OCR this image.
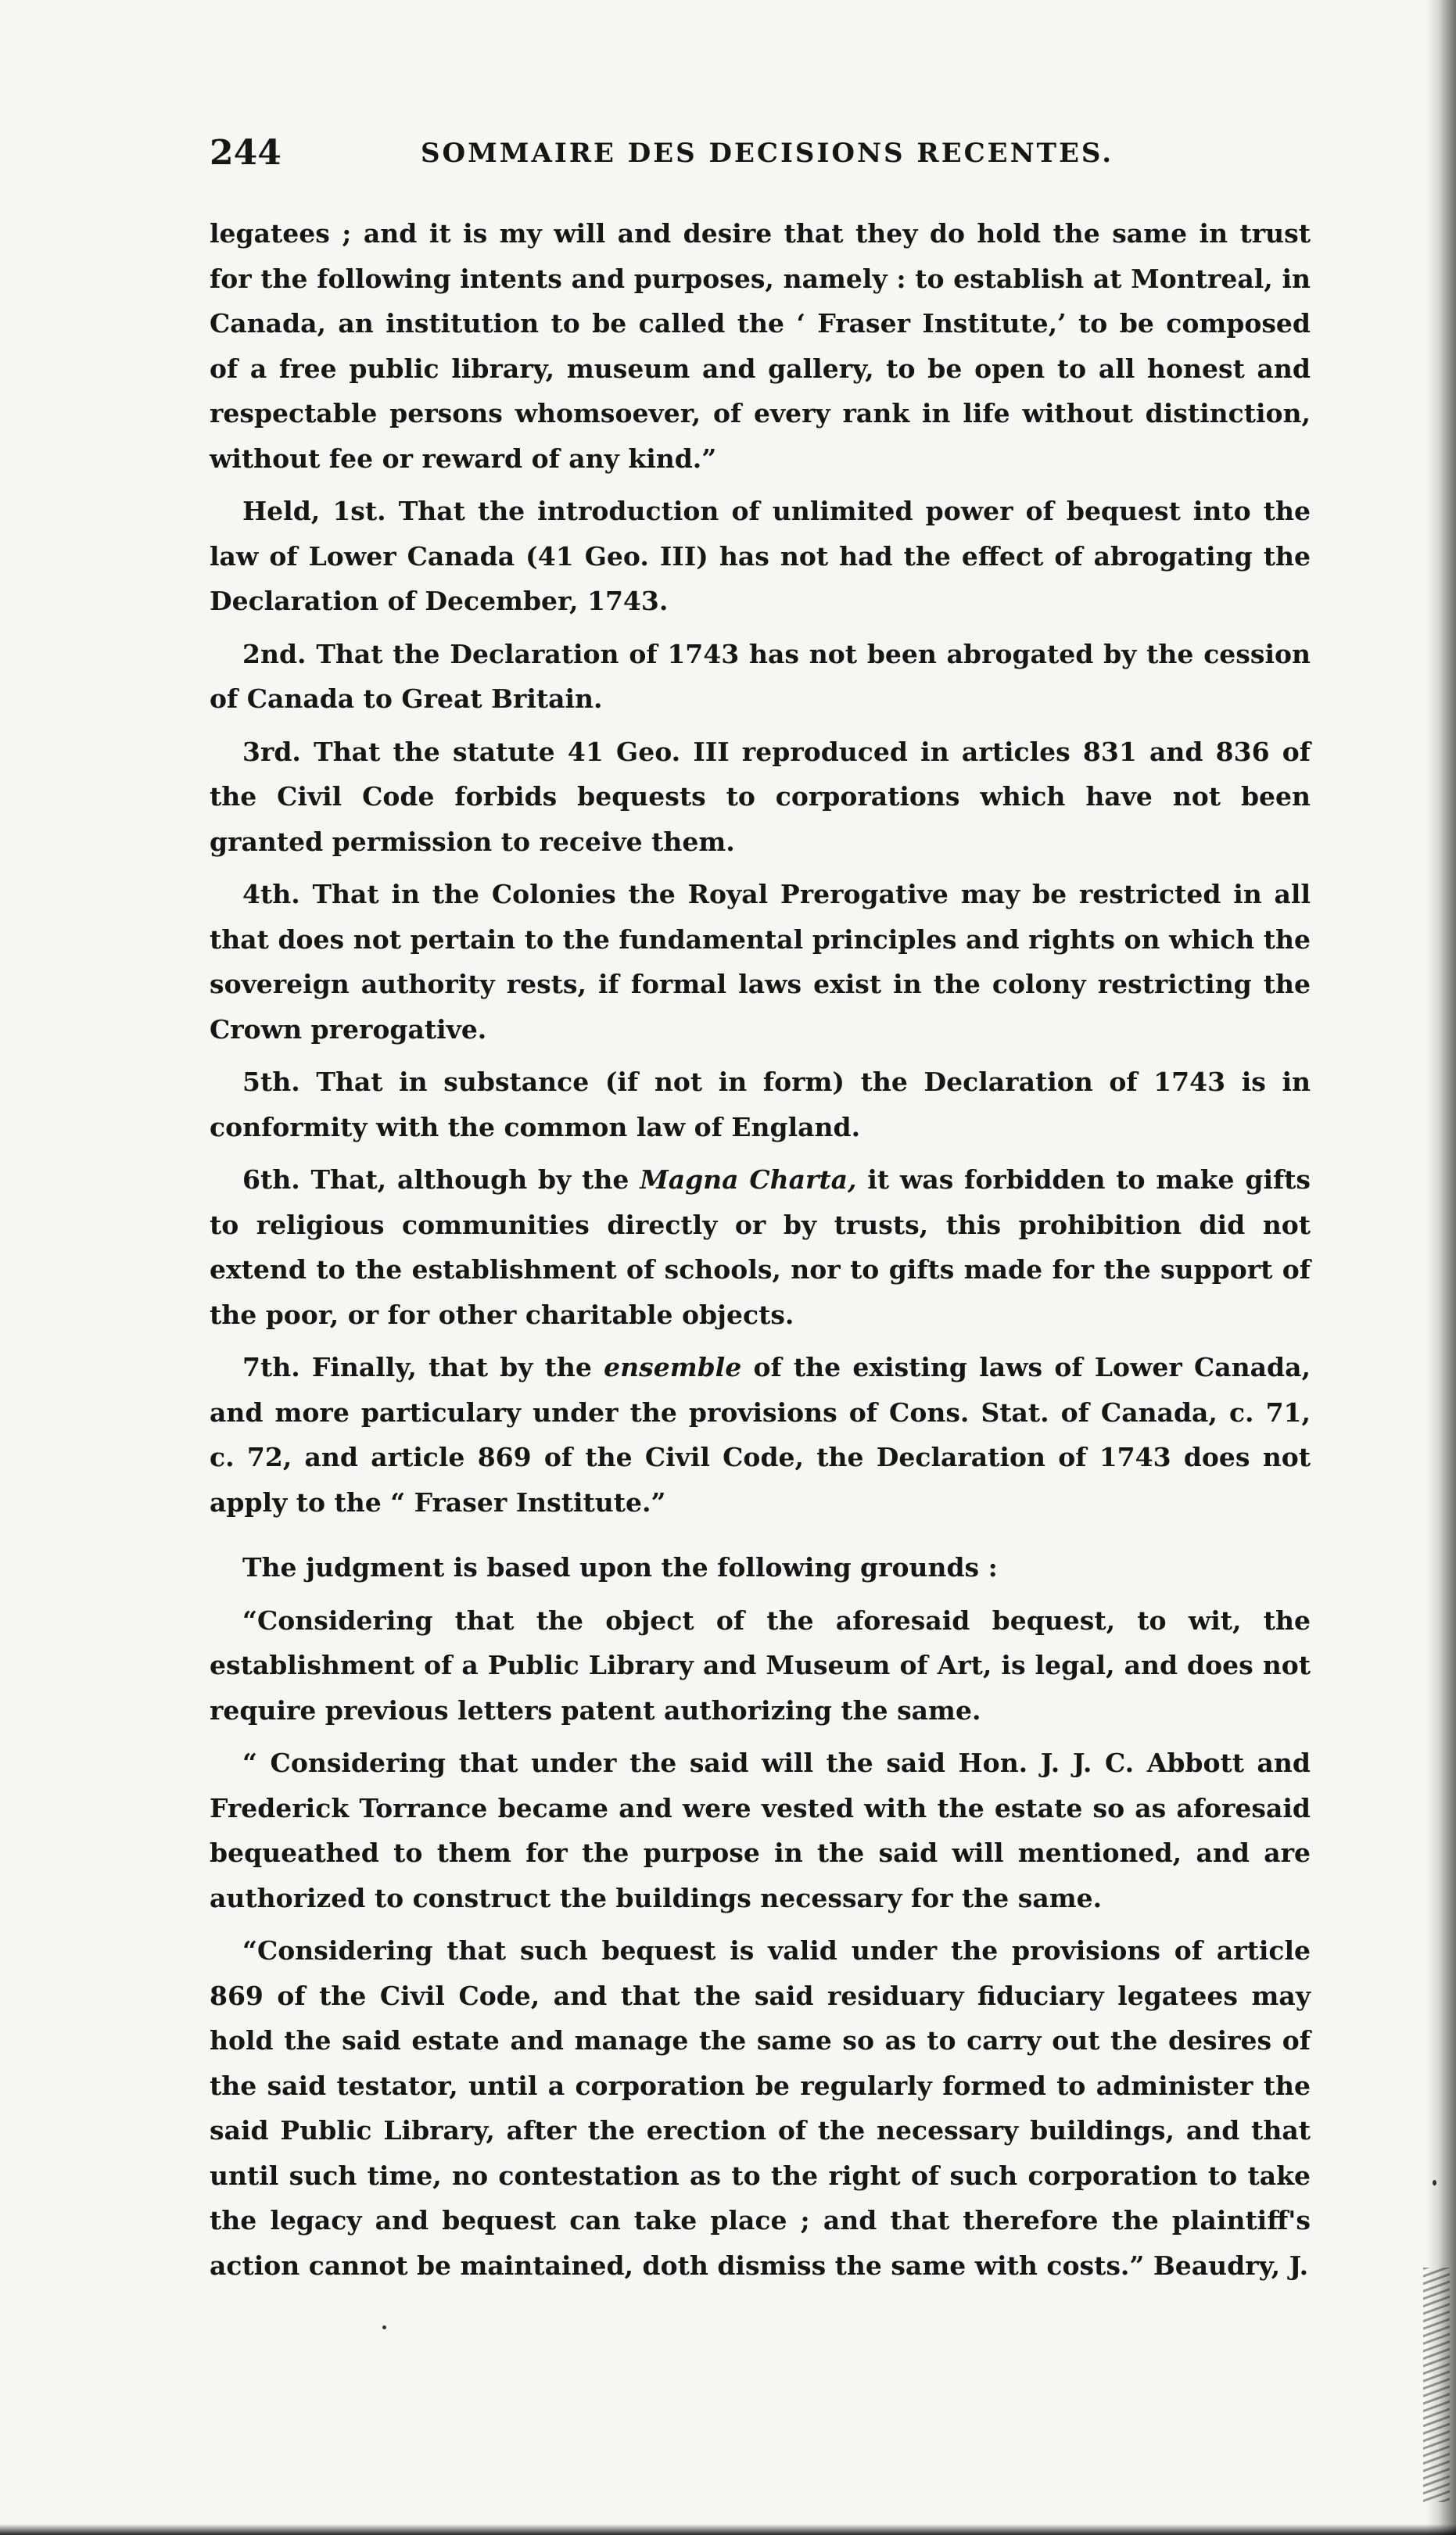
244	SOMMAIRE DES DECISIONS RECENTES.

legatees ; and it is my will and desire that they do hold the same in trust for the following intents and purposes, namely : to establish at Montreal, in Canada, an institution to be called the ‘ Fraser Institute,’ to be composed of a free public library, museum and gallery, to be open to all honest and respectable persons whomsoever, of every rank in life without distinction, without fee or reward of any kind.”

Held, 1st. That the introduction of unlimited power of bequest into the law of Lower Canada (41 Geo. III) has not had the effect of abrogating the Declaration of December, 1743.

2nd. That the Declaration of 1743 has not been abrogated by the cession of Canada to Great Britain.

3rd. That the statute 41 Geo. III reproduced in articles 831 and 836 of the Civil Code forbids bequests to corporations which have not been granted permission to receive them.

4th. That in the Colonies the Royal Prerogative may be restricted in all that does not pertain to the fundamental principles and rights on which the sovereign authority rests, if formal laws exist in the colony restricting the Crown prerogative.

5th. That in substance (if not in form) the Declaration of 1743 is in conformity with the common law of England.

6th. That, although by the Magna Charta, it was forbidden to make gifts to religious communities directly or by trusts, this prohibition did not extend to the establishment of schools, nor to gifts made for the support of the poor, or for other charitable objects.

7th. Finally, that by the ensemble of the existing laws of Lower Canada, and more particulary under the provisions of Cons. Stat. of Canada, c. 71, c. 72, and article 869 of the Civil Code, the Declaration of 1743 does not apply to the “ Fraser Institute.”

The judgment is based upon the following grounds :

“Considering that the object of the aforesaid bequest, to wit, the establishment of a Public Library and Museum of Art, is legal, and does not require previous letters patent authorizing the same.

“ Considering that under the said will the said Hon. J. J. C. Abbott and Frederick Torrance became and were vested with the estate so as aforesaid bequeathed to them for the purpose in the said will mentioned, and are authorized to construct the buildings necessary for the same.

“Considering that such bequest is valid under the provisions of article 869 of the Civil Code, and that the said residuary fiduciary legatees may hold the said estate and manage the same so as to carry out the desires of the said testator, until a corporation be regularly formed to administer the said Public Library, after the erection of the necessary buildings, and that until such time, no contestation as to the right of such corporation to take the legacy and bequest can take place ; and that therefore the plaintiff's action cannot be maintained, doth dismiss the same with costs.” Beaudry, J.
